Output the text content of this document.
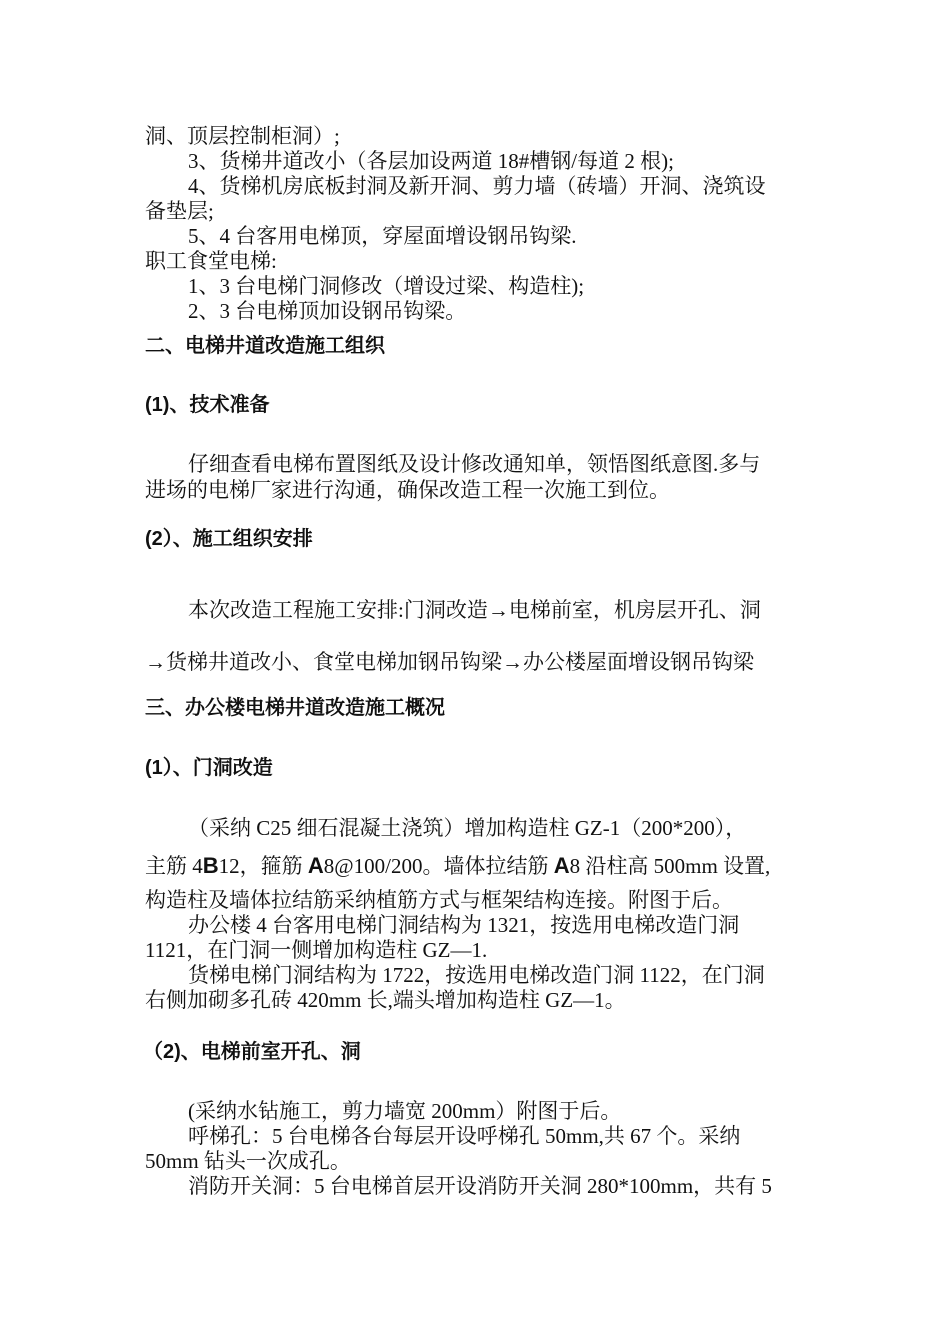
洞、顶层控制柜洞）;
3、货梯井道改小（各层加设两道 18#槽钢/每道 2 根);
4、货梯机房底板封洞及新开洞、剪力墙（砖墙）开洞、浇筑设
备垫层;
5、4 台客用电梯顶，穿屋面增设钢吊钩梁.
职工食堂电梯:
1、3 台电梯门洞修改（增设过梁、构造柱);
2、3 台电梯顶加设钢吊钩梁。
二、电梯井道改造施工组织
(1)、技术准备
仔细查看电梯布置图纸及设计修改通知单，领悟图纸意图.多与
进场的电梯厂家进行沟通，确保改造工程一次施工到位。
(2）、施工组织安排
本次改造工程施工安排:门洞改造→电梯前室，机房层开孔、洞
→货梯井道改小、食堂电梯加钢吊钩梁→办公楼屋面增设钢吊钩梁
三、办公楼电梯井道改造施工概况
(1）、门洞改造
（采纳 C25 细石混凝土浇筑）增加构造柱 GZ-1（200*200），
主筋 4B12，箍筋 A8@100/200。墙体拉结筋 A8 沿柱高 500mm 设置,
构造柱及墙体拉结筋采纳植筋方式与框架结构连接。附图于后。
办公楼 4 台客用电梯门洞结构为 1321，按选用电梯改造门洞
1121，在门洞一侧增加构造柱 GZ—1.
货梯电梯门洞结构为 1722，按选用电梯改造门洞 1122，在门洞
右侧加砌多孔砖 420mm 长,端头增加构造柱 GZ—1。
（2)、电梯前室开孔、洞
(采纳水钻施工，剪力墙宽 200mm）附图于后。
呼梯孔：5 台电梯各台每层开设呼梯孔 50mm,共 67 个。采纳
50mm 钻头一次成孔。
消防开关洞：5 台电梯首层开设消防开关洞 280*100mm，共有 5
